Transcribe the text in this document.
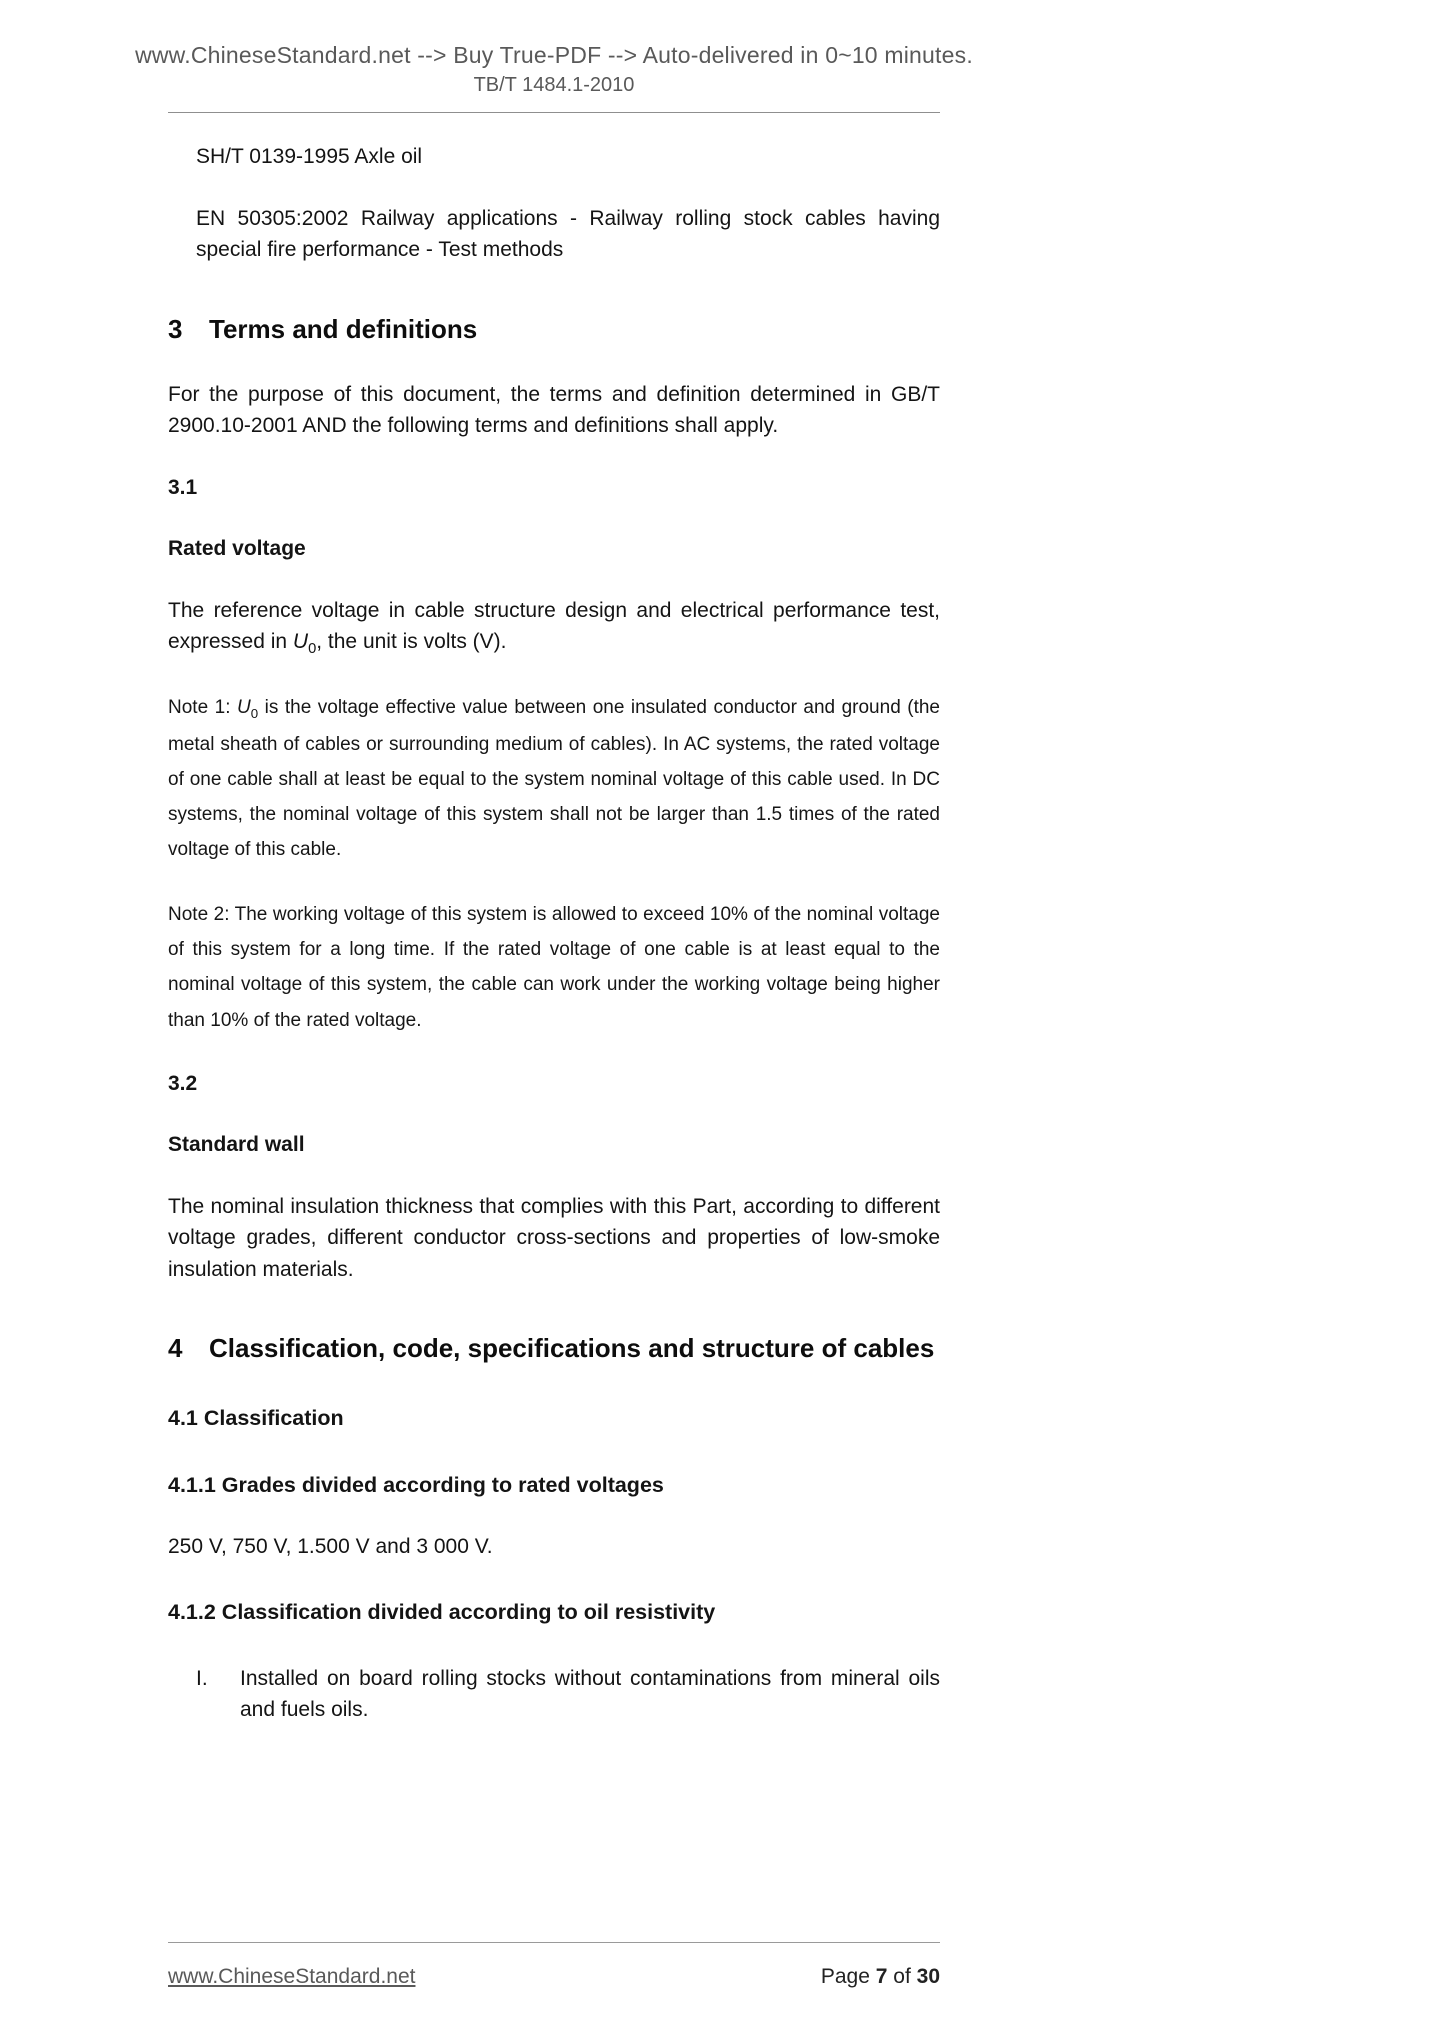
www.ChineseStandard.net --> Buy True-PDF --> Auto-delivered in 0~10 minutes.
TB/T 1484.1-2010

SH/T 0139-1995 Axle oil

EN 50305:2002 Railway applications - Railway rolling stock cables having special fire performance - Test methods

3 Terms and definitions

For the purpose of this document, the terms and definition determined in GB/T 2900.10-2001 AND the following terms and definitions shall apply.

3.1

Rated voltage

The reference voltage in cable structure design and electrical performance test, expressed in $U_0$, the unit is volts (V).

Note 1: $U_0$ is the voltage effective value between one insulated conductor and ground (the metal sheath of cables or surrounding medium of cables). In AC systems, the rated voltage of one cable shall at least be equal to the system nominal voltage of this cable used. In DC systems, the nominal voltage of this system shall not be larger than 1.5 times of the rated voltage of this cable.

Note 2: The working voltage of this system is allowed to exceed 10% of the nominal voltage of this system for a long time. If the rated voltage of one cable is at least equal to the nominal voltage of this system, the cable can work under the working voltage being higher than 10% of the rated voltage.

3.2

Standard wall

The nominal insulation thickness that complies with this Part, according to different voltage grades, different conductor cross-sections and properties of low-smoke insulation materials.

4 Classification, code, specifications and structure of cables

4.1 Classification

4.1.1 Grades divided according to rated voltages

250 V, 750 V, 1.500 V and 3 000 V.

4.1.2 Classification divided according to oil resistivity

I.	Installed on board rolling stocks without contaminations from mineral oils and fuels oils.
www.ChineseStandard.net	Page 7 of 30
